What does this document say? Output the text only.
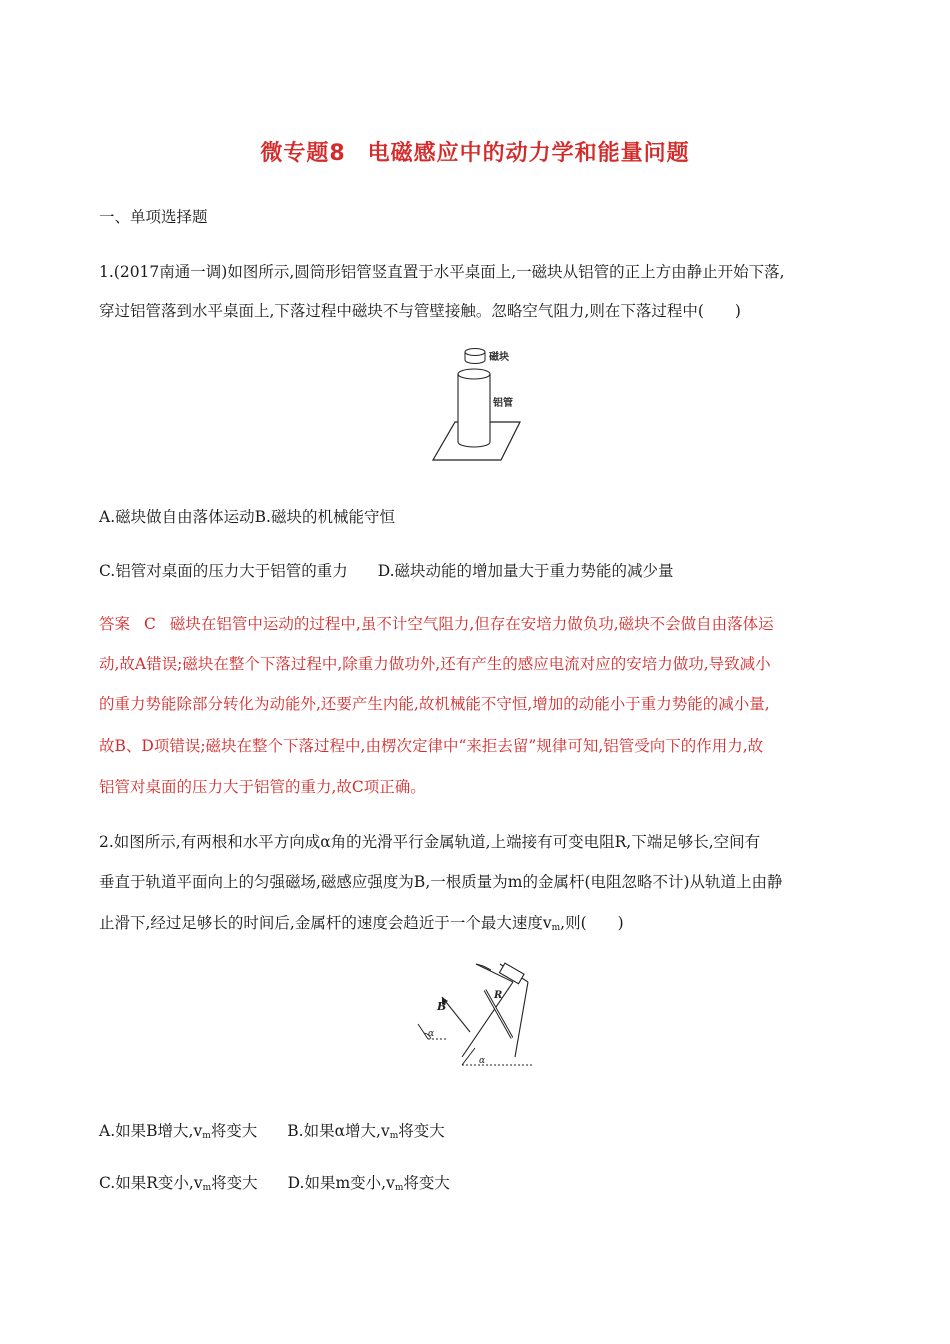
微专题8 电磁感应中的动力学和能量问题
一、单项选择题
1.(2017南通一调)如图所示,圆筒形铝管竖直置于水平桌面上,一磁块从铝管的正上方由静止开始下落,
穿过铝管落到水平桌面上,下落过程中磁块不与管壁接触。忽略空气阻力,则在下落过程中(　　)
磁块
铝管
A.磁块做自由落体运动B.磁块的机械能守恒
C.铝管对桌面的压力大于铝管的重力 D.磁块动能的增加量大于重力势能的减少量
答案 C 磁块在铝管中运动的过程中,虽不计空气阻力,但存在安培力做负功,磁块不会做自由落体运
动,故A错误;磁块在整个下落过程中,除重力做功外,还有产生的感应电流对应的安培力做功,导致减小
的重力势能除部分转化为动能外,还要产生内能,故机械能不守恒,增加的动能小于重力势能的减小量,
故B、D项错误;磁块在整个下落过程中,由楞次定律中“来拒去留”规律可知,铝管受向下的作用力,故
铝管对桌面的压力大于铝管的重力,故C项正确。
2.如图所示,有两根和水平方向成α角的光滑平行金属轨道,上端接有可变电阻R,下端足够长,空间有
垂直于轨道平面向上的匀强磁场,磁感应强度为B,一根质量为m的金属杆(电阻忽略不计)从轨道上由静
止滑下,经过足够长的时间后,金属杆的速度会趋近于一个最大速度$v_m$,则(　　)
R
B
α
α
A.如果B增大$,v_m$将变大 B.如果α增大$,v_m$将变大
C.如果R变小$,v_m$将变大 D.如果m变小$,v_m$将变大
